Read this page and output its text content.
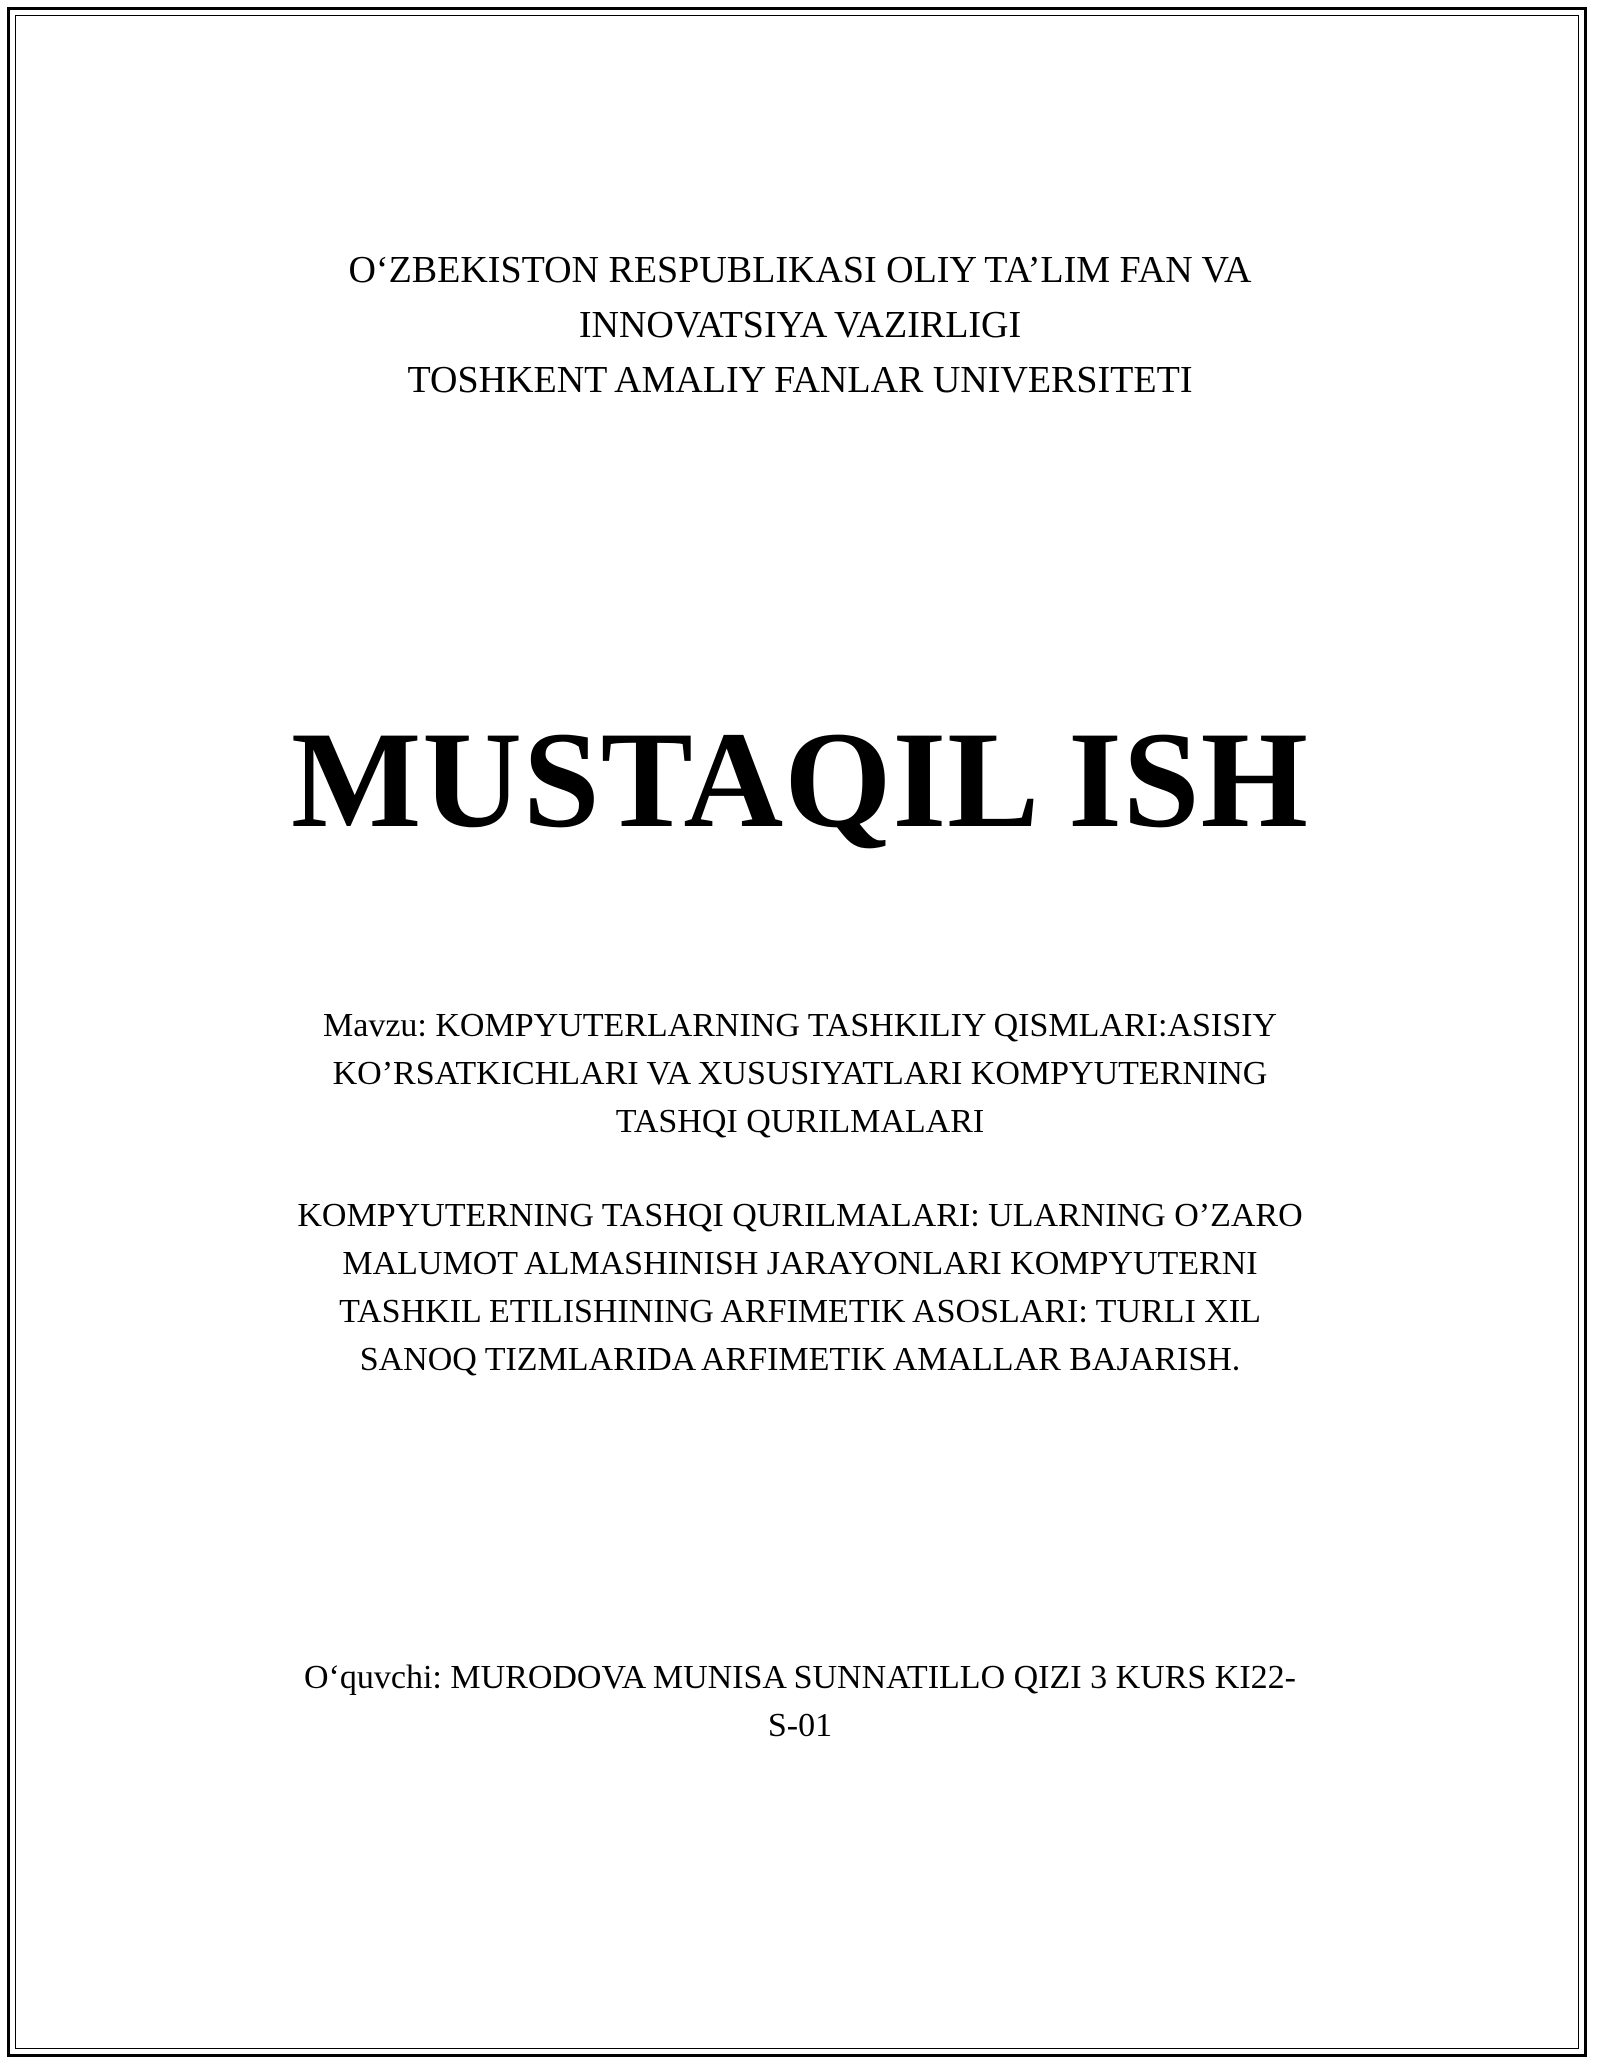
O‘ZBEKISTON RESPUBLIKASI OLIY TA’LIM FAN VA
INNOVATSIYA VAZIRLIGI
TOSHKENT AMALIY FANLAR UNIVERSITETI
MUSTAQIL ISH
Mavzu: KOMPYUTERLARNING TASHKILIY QISMLARI:ASISIY
KO’RSATKICHLARI VA XUSUSIYATLARI KOMPYUTERNING
TASHQI QURILMALARI
KOMPYUTERNING TASHQI QURILMALARI: ULARNING O’ZARO
MALUMOT ALMASHINISH JARAYONLARI KOMPYUTERNI
TASHKIL ETILISHINING ARFIMETIK ASOSLARI: TURLI XIL
SANOQ TIZMLARIDA ARFIMETIK AMALLAR BAJARISH.
O‘quvchi: MURODOVA MUNISA SUNNATILLO QIZI 3 KURS KI22-
S-01
